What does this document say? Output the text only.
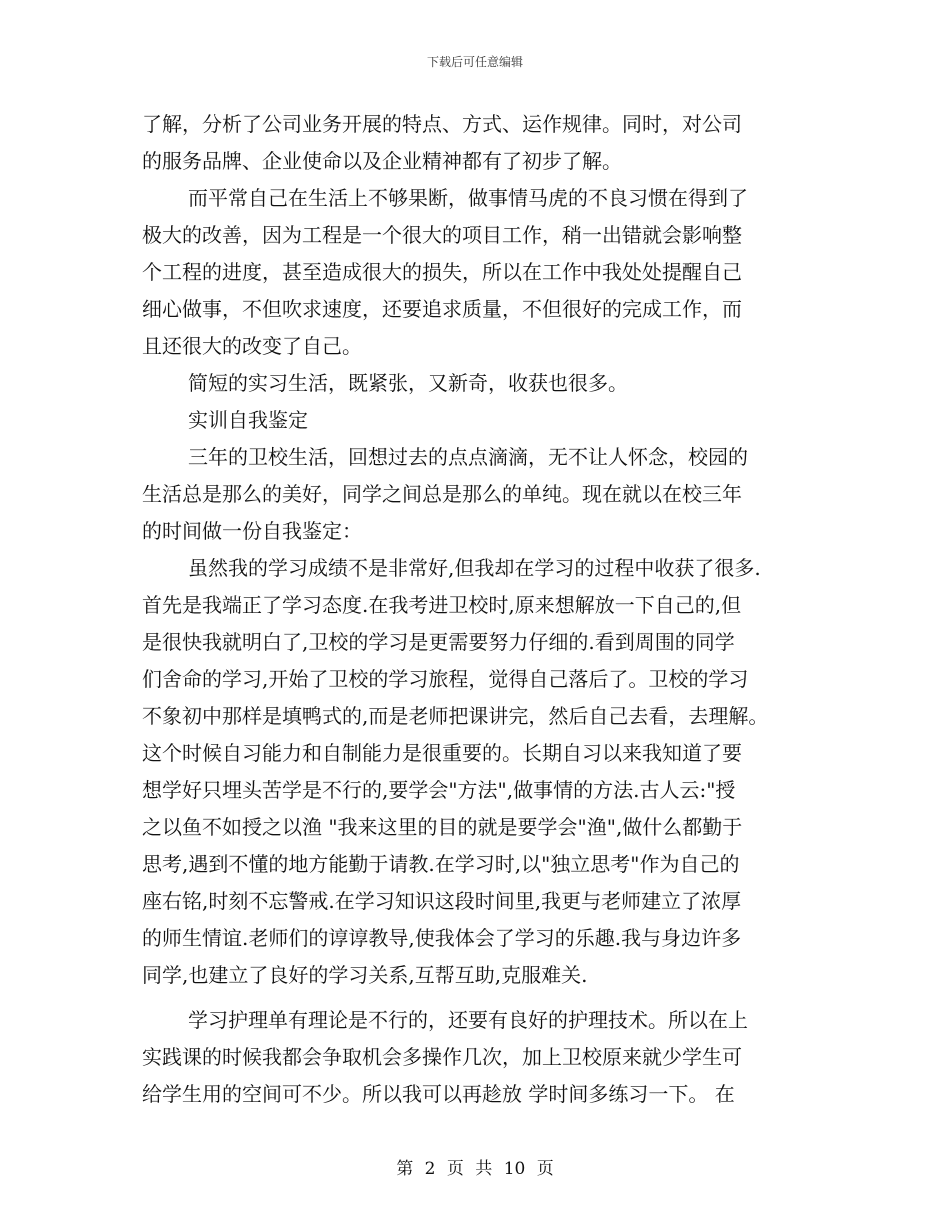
下载后可任意编辑
了解，分析了公司业务开展的特点、方式、运作规律。同时，对公司
的服务品牌、企业使命以及企业精神都有了初步了解。
而平常自己在生活上不够果断，做事情马虎的不良习惯在得到了
极大的改善，因为工程是一个很大的项目工作，稍一出错就会影响整
个工程的进度，甚至造成很大的损失，所以在工作中我处处提醒自己
细心做事，不但吹求速度，还要追求质量，不但很好的完成工作，而
且还很大的改变了自己。
简短的实习生活，既紧张，又新奇，收获也很多。
实训自我鉴定
三年的卫校生活，回想过去的点点滴滴，无不让人怀念，校园的
生活总是那么的美好，同学之间总是那么的单纯。现在就以在校三年
的时间做一份自我鉴定：
虽然我的学习成绩不是非常好,但我却在学习的过程中收获了很多.
首先是我端正了学习态度.在我考进卫校时,原来想解放一下自己的,但
是很快我就明白了,卫校的学习是更需要努力仔细的.看到周围的同学
们舍命的学习,开始了卫校的学习旅程，觉得自己落后了。卫校的学习
不象初中那样是填鸭式的,而是老师把课讲完，然后自己去看，去理解。
这个时候自习能力和自制能力是很重要的。长期自习以来我知道了要
想学好只埋头苦学是不行的,要学会"方法",做事情的方法.古人云:"授
之以鱼不如授之以渔 "我来这里的目的就是要学会"渔",做什么都勤于
思考,遇到不懂的地方能勤于请教.在学习时,以"独立思考"作为自己的
座右铭,时刻不忘警戒.在学习知识这段时间里,我更与老师建立了浓厚
的师生情谊.老师们的谆谆教导,使我体会了学习的乐趣.我与身边许多
同学,也建立了良好的学习关系,互帮互助,克服难关.
学习护理单有理论是不行的，还要有良好的护理技术。所以在上
实践课的时候我都会争取机会多操作几次，加上卫校原来就少学生可
给学生用的空间可不少。所以我可以再趁放 学时间多练习一下。 在
第 2 页 共 10 页
